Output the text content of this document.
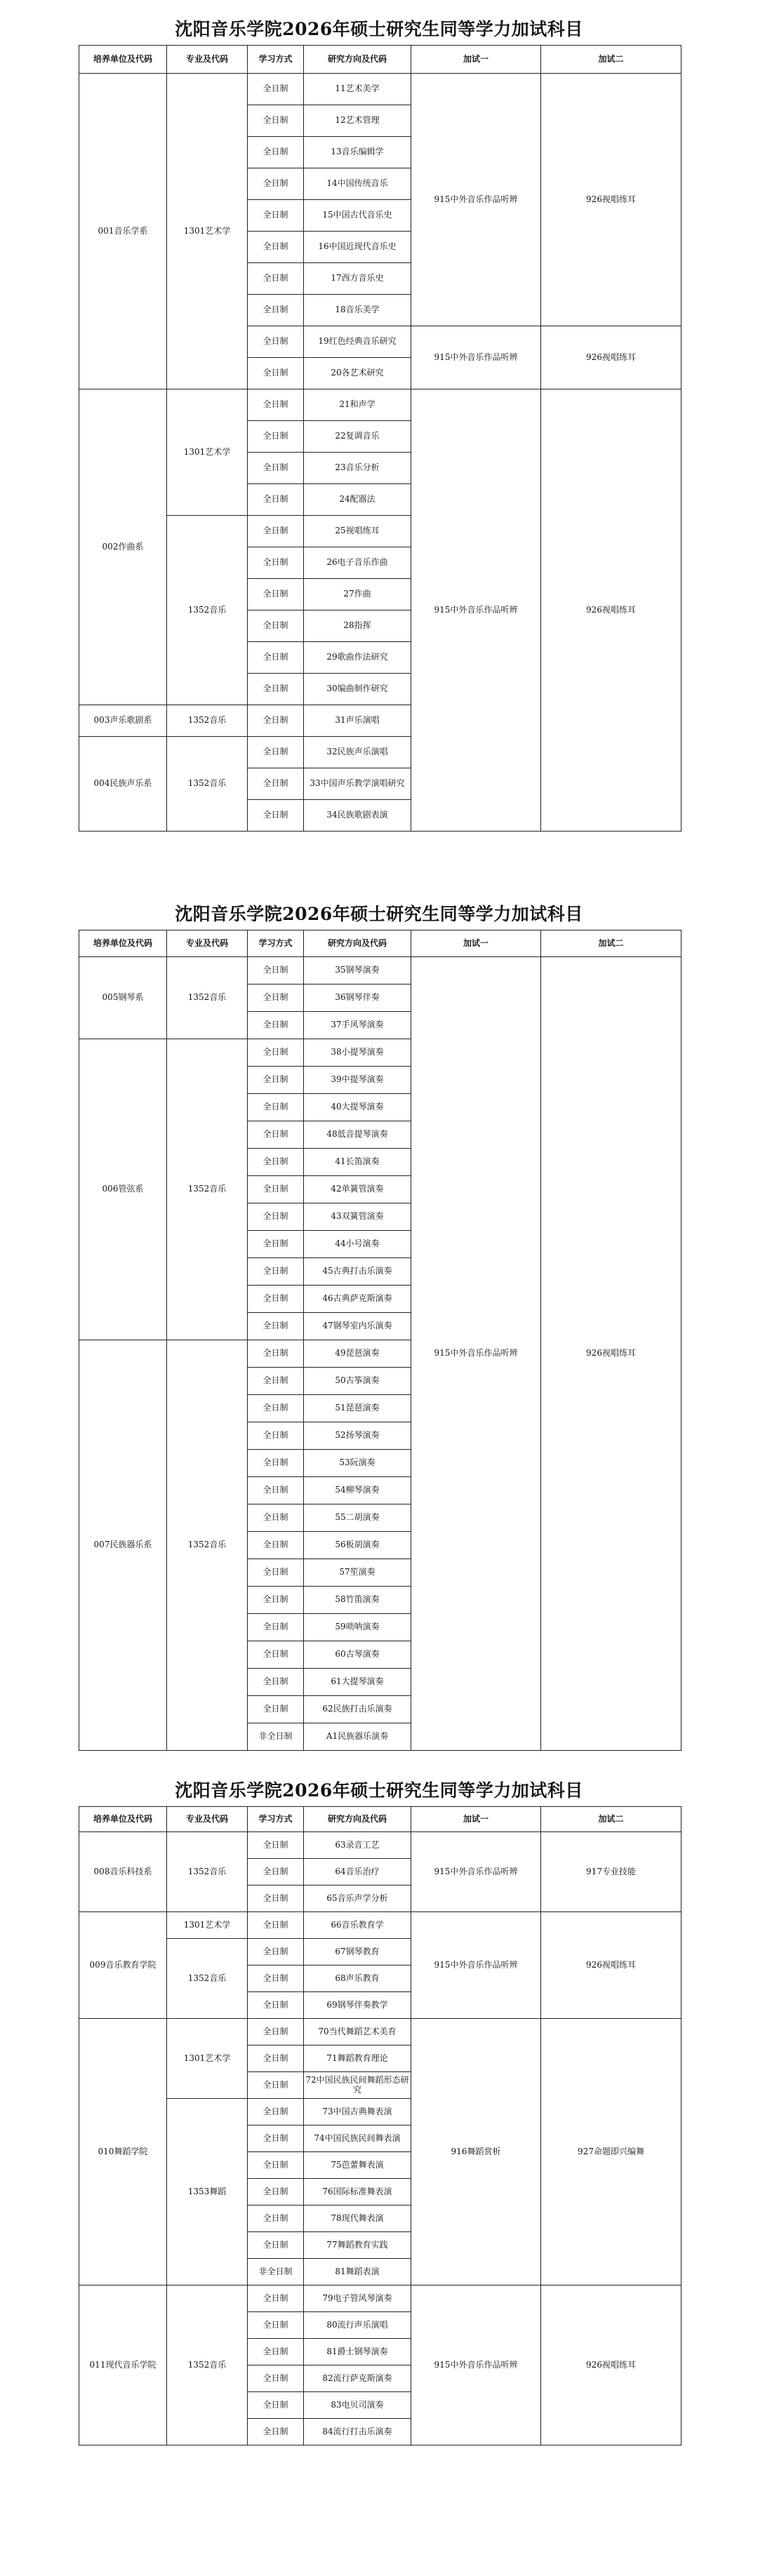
沈阳音乐学院2026年硕士研究生同等学力加试科目
培养单位及代码	专业及代码	学习方式	研究方向及代码	加试一	加试二
001音乐学系	1301艺术学	全日制	11艺术美学	915中外音乐作品听辨	926视唱练耳
		全日制	12艺术管理		
		全日制	13音乐编辑学		
		全日制	14中国传统音乐		
		全日制	15中国古代音乐史		
		全日制	16中国近现代音乐史		
		全日制	17西方音乐史		
		全日制	18音乐美学		
		全日制	19红色经典音乐研究	915中外音乐作品听辨	926视唱练耳
		全日制	20各艺术研究		
002作曲系	1301艺术学	全日制	21和声学	915中外音乐作品听辨	926视唱练耳
		全日制	22复调音乐		
		全日制	23音乐分析		
		全日制	24配器法		
	1352音乐	全日制	25视唱练耳		
		全日制	26电子音乐作曲		
		全日制	27作曲		
		全日制	28指挥		
		全日制	29歌曲作法研究		
		全日制	30编曲制作研究		
003声乐歌剧系	1352音乐	全日制	31声乐演唱		
004民族声乐系	1352音乐	全日制	32民族声乐演唱		
		全日制	33中国声乐教学演唱研究		
		全日制	34民族歌剧表演		
沈阳音乐学院2026年硕士研究生同等学力加试科目
培养单位及代码	专业及代码	学习方式	研究方向及代码	加试一	加试二
005钢琴系	1352音乐	全日制	35钢琴演奏	915中外音乐作品听辨	926视唱练耳
		全日制	36钢琴伴奏		
		全日制	37手风琴演奏		
006管弦系	1352音乐	全日制	38小提琴演奏		
		全日制	39中提琴演奏		
		全日制	40大提琴演奏		
		全日制	48低音提琴演奏		
		全日制	41长笛演奏		
		全日制	42单簧管演奏		
		全日制	43双簧管演奏		
		全日制	44小号演奏		
		全日制	45古典打击乐演奏		
		全日制	46古典萨克斯演奏		
		全日制	47钢琴室内乐演奏		
007民族器乐系	1352音乐	全日制	49琵琶演奏		
		全日制	50古筝演奏		
		全日制	51琵琶演奏		
		全日制	52扬琴演奏		
		全日制	53阮演奏		
		全日制	54柳琴演奏		
		全日制	55二胡演奏		
		全日制	56板胡演奏		
		全日制	57笙演奏		
		全日制	58竹笛演奏		
		全日制	59唢呐演奏		
		全日制	60古琴演奏		
		全日制	61大提琴演奏		
		全日制	62民族打击乐演奏		
		非全日制	A1民族器乐演奏		
沈阳音乐学院2026年硕士研究生同等学力加试科目
培养单位及代码	专业及代码	学习方式	研究方向及代码	加试一	加试二
008音乐科技系	1352音乐	全日制	63录音工艺	915中外音乐作品听辨	917专业技能
		全日制	64音乐治疗		
		全日制	65音乐声学分析		
009音乐教育学院	1301艺术学	全日制	66音乐教育学	915中外音乐作品听辨	926视唱练耳
	1352音乐	全日制	67钢琴教育		
		全日制	68声乐教育		
		全日制	69钢琴伴奏教学		
010舞蹈学院	1301艺术学	全日制	70当代舞蹈艺术美育	916舞蹈赏析	927命题即兴编舞
		全日制	71舞蹈教育理论		
		全日制	72中国民族民间舞蹈形态研究		
	1353舞蹈	全日制	73中国古典舞表演		
		全日制	74中国民族民间舞表演		
		全日制	75芭蕾舞表演		
		全日制	76国际标准舞表演		
		全日制	78现代舞表演		
		全日制	77舞蹈教育实践		
		非全日制	81舞蹈表演		
011现代音乐学院	1352音乐	全日制	79电子管风琴演奏	915中外音乐作品听辨	926视唱练耳
		全日制	80流行声乐演唱		
		全日制	81爵士钢琴演奏		
		全日制	82流行萨克斯演奏		
		全日制	83电贝司演奏		
		全日制	84流行打击乐演奏		
